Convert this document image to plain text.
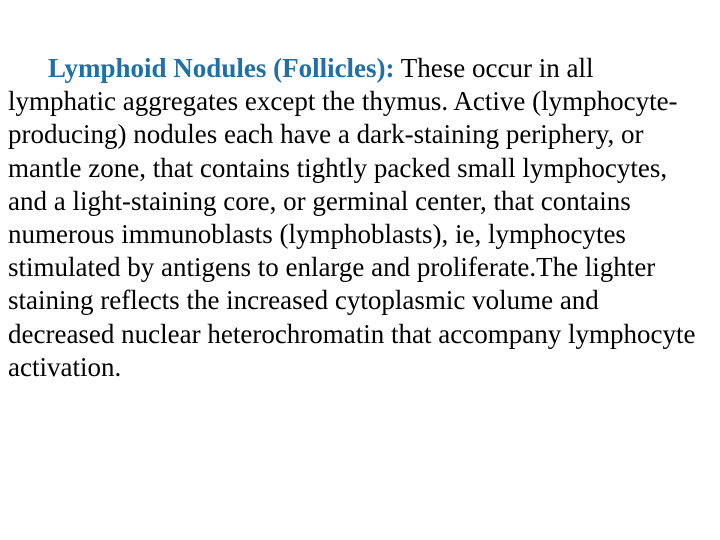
Lymphoid Nodules (Follicles): These occur in all lymphatic aggregates except the thymus. Active (lymphocyte-producing) nodules each have a dark-staining periphery, or mantle zone, that contains tightly packed small lymphocytes, and a light-staining core, or germinal center, that contains numerous immunoblasts (lymphoblasts), ie, lymphocytes stimulated by antigens to enlarge and proliferate.The lighter staining reflects the increased cytoplasmic volume and decreased nuclear heterochromatin that accompany lymphocyte activation.
